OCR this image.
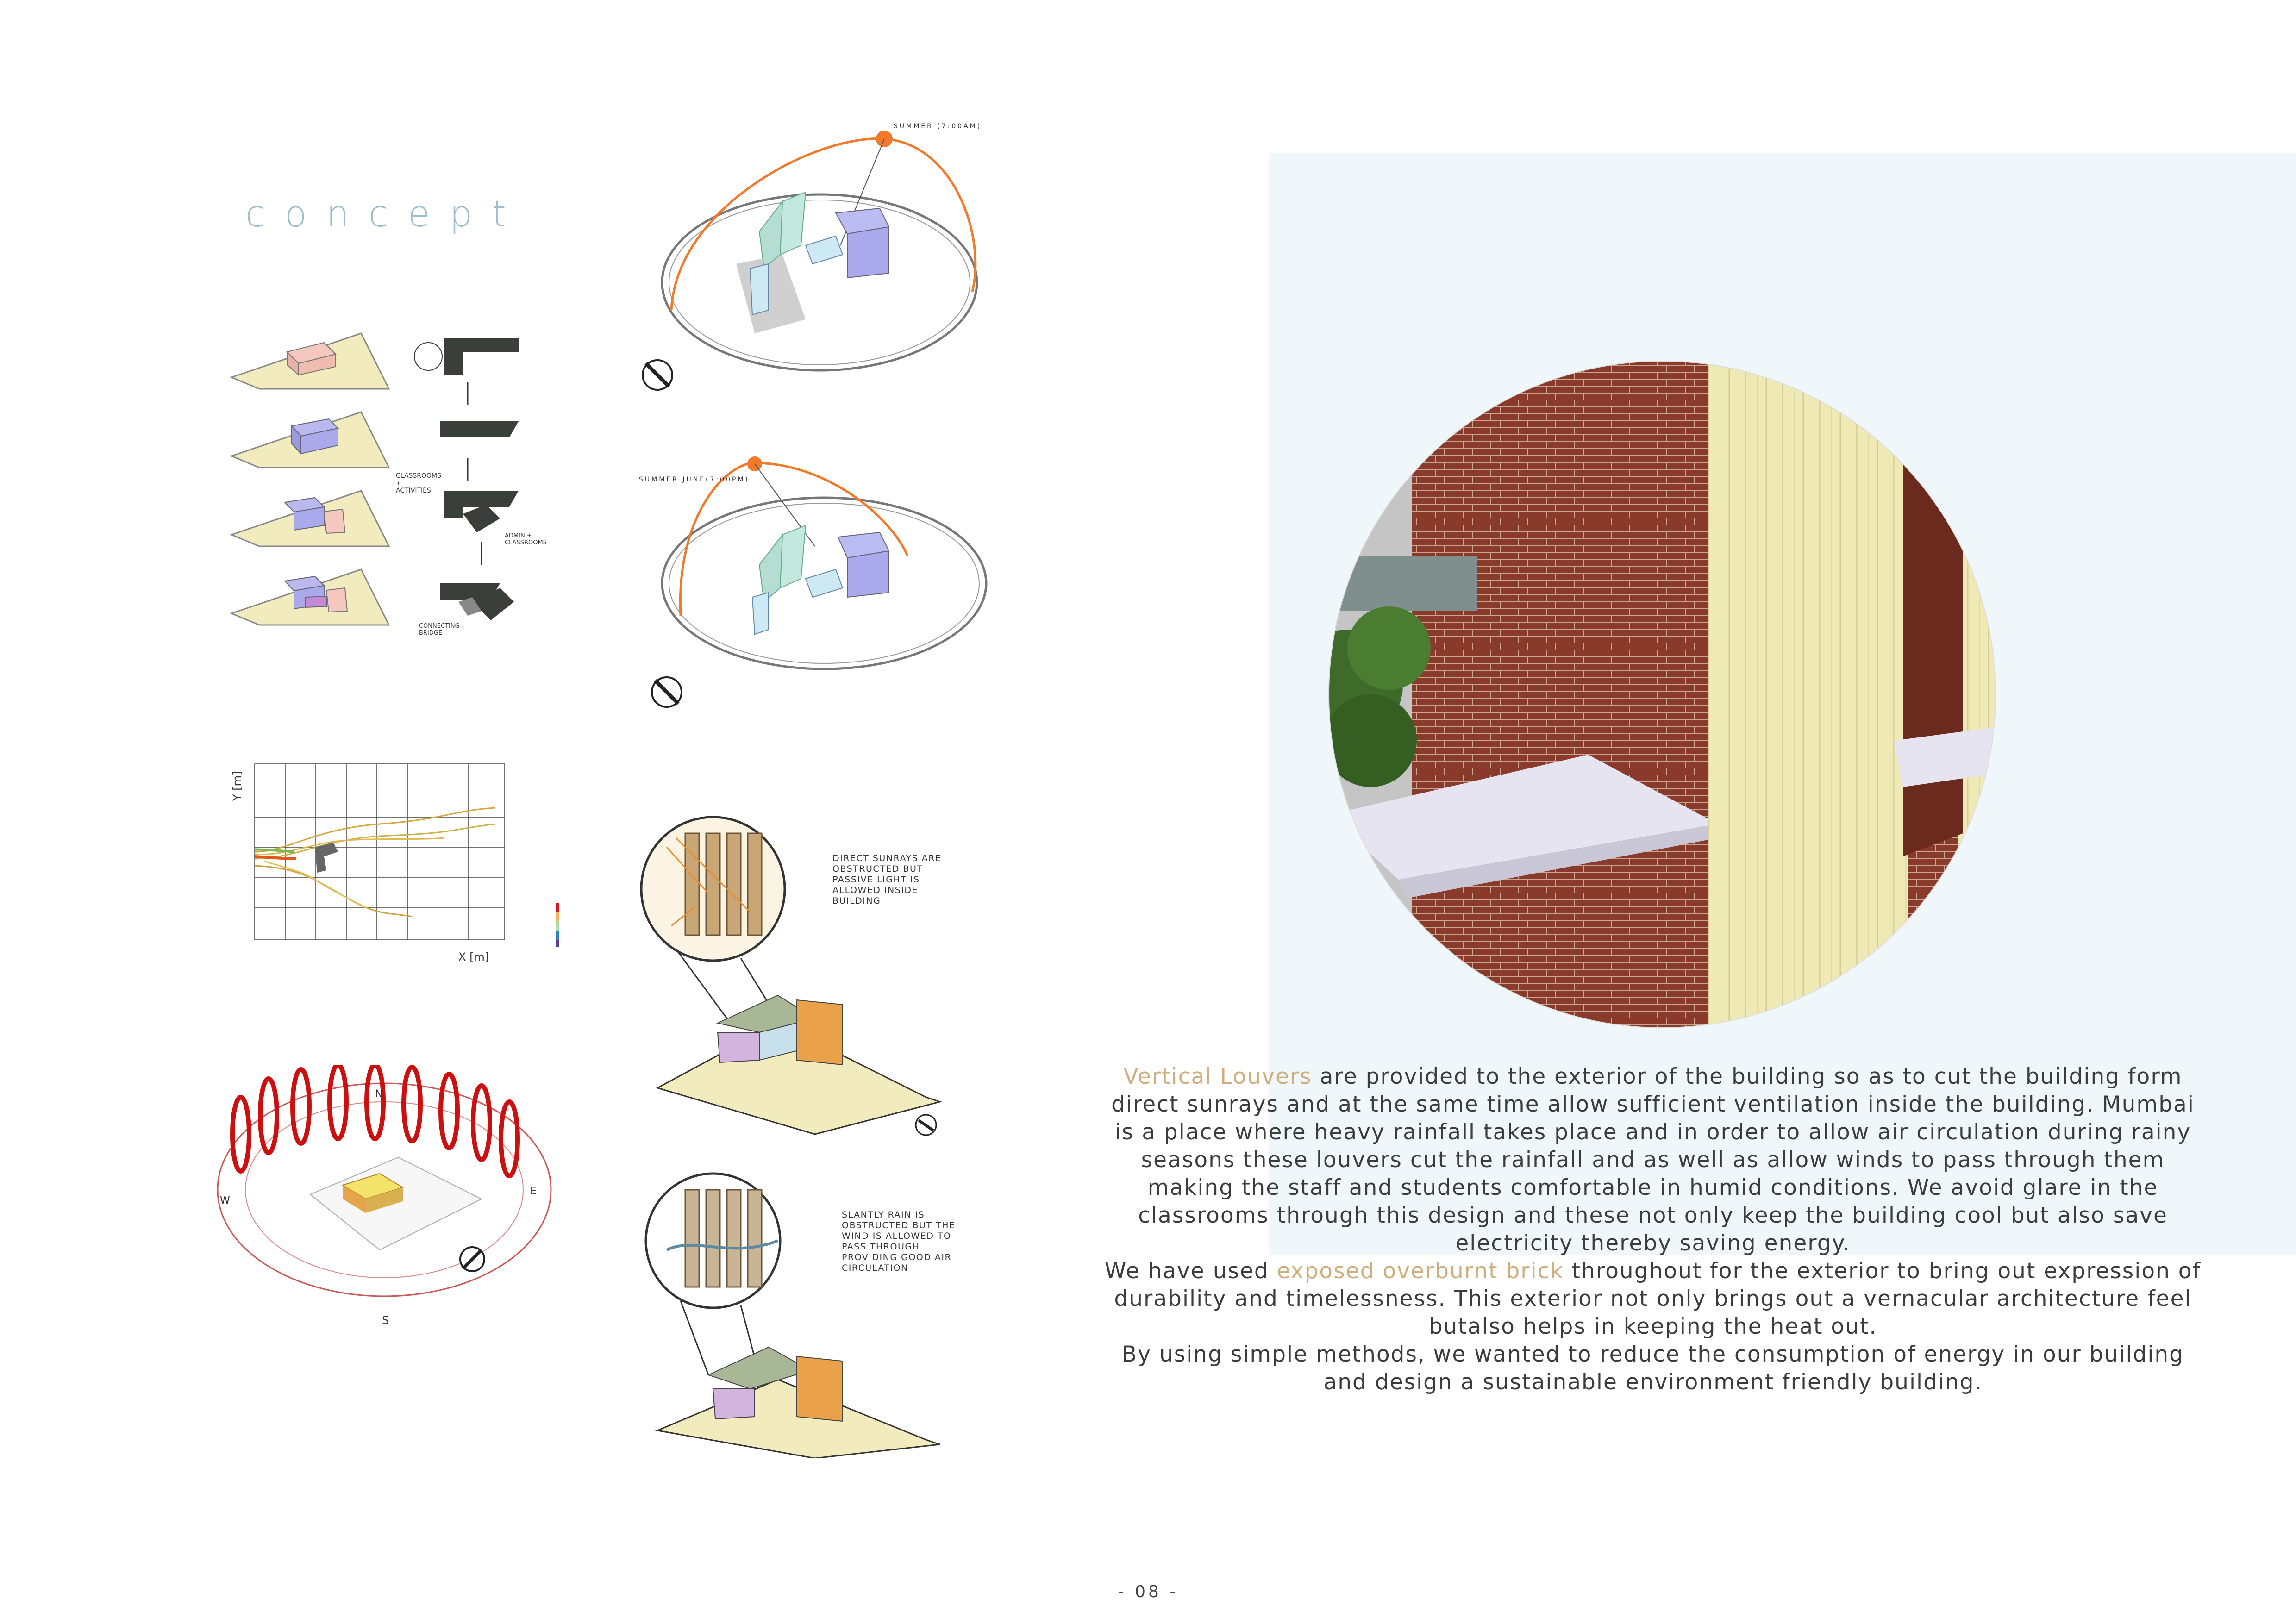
concept
CLASSROOMS + ACTIVITIES
ADMIN + CLASSROOMS
CONNECTING BRIDGE
SUMMER (7:00AM)
SUMMER JUNE(7:00PM)
Y [m]
X [m]
N
S
E
W
DIRECT SUNRAYS ARE
OBSTRUCTED BUT
PASSIVE LIGHT IS
ALLOWED INSIDE
BUILDING
SLANTLY RAIN IS
OBSTRUCTED BUT THE
WIND IS ALLOWED TO
PASS THROUGH
PROVIDING GOOD AIR
CIRCULATION
Vertical Louvers are provided to the exterior of the building so as to cut the building form direct sunrays and at the same time allow sufficient ventilation inside the building. Mumbai is a place where heavy rainfall takes place and in order to allow air circulation during rainy seasons these louvers cut the rainfall and as well as allow winds to pass through them making the staff and students comfortable in humid conditions. We avoid glare in the classrooms through this design and these not only keep the building cool but also save electricity thereby saving energy.
We have used exposed overburnt brick throughout for the exterior to bring out expression of durability and timelessness. This exterior not only brings out a vernacular architecture feel butalso helps in keeping the heat out.
By using simple methods, we wanted to reduce the consumption of energy in our building and design a sustainable environment friendly building.
- 08 -
